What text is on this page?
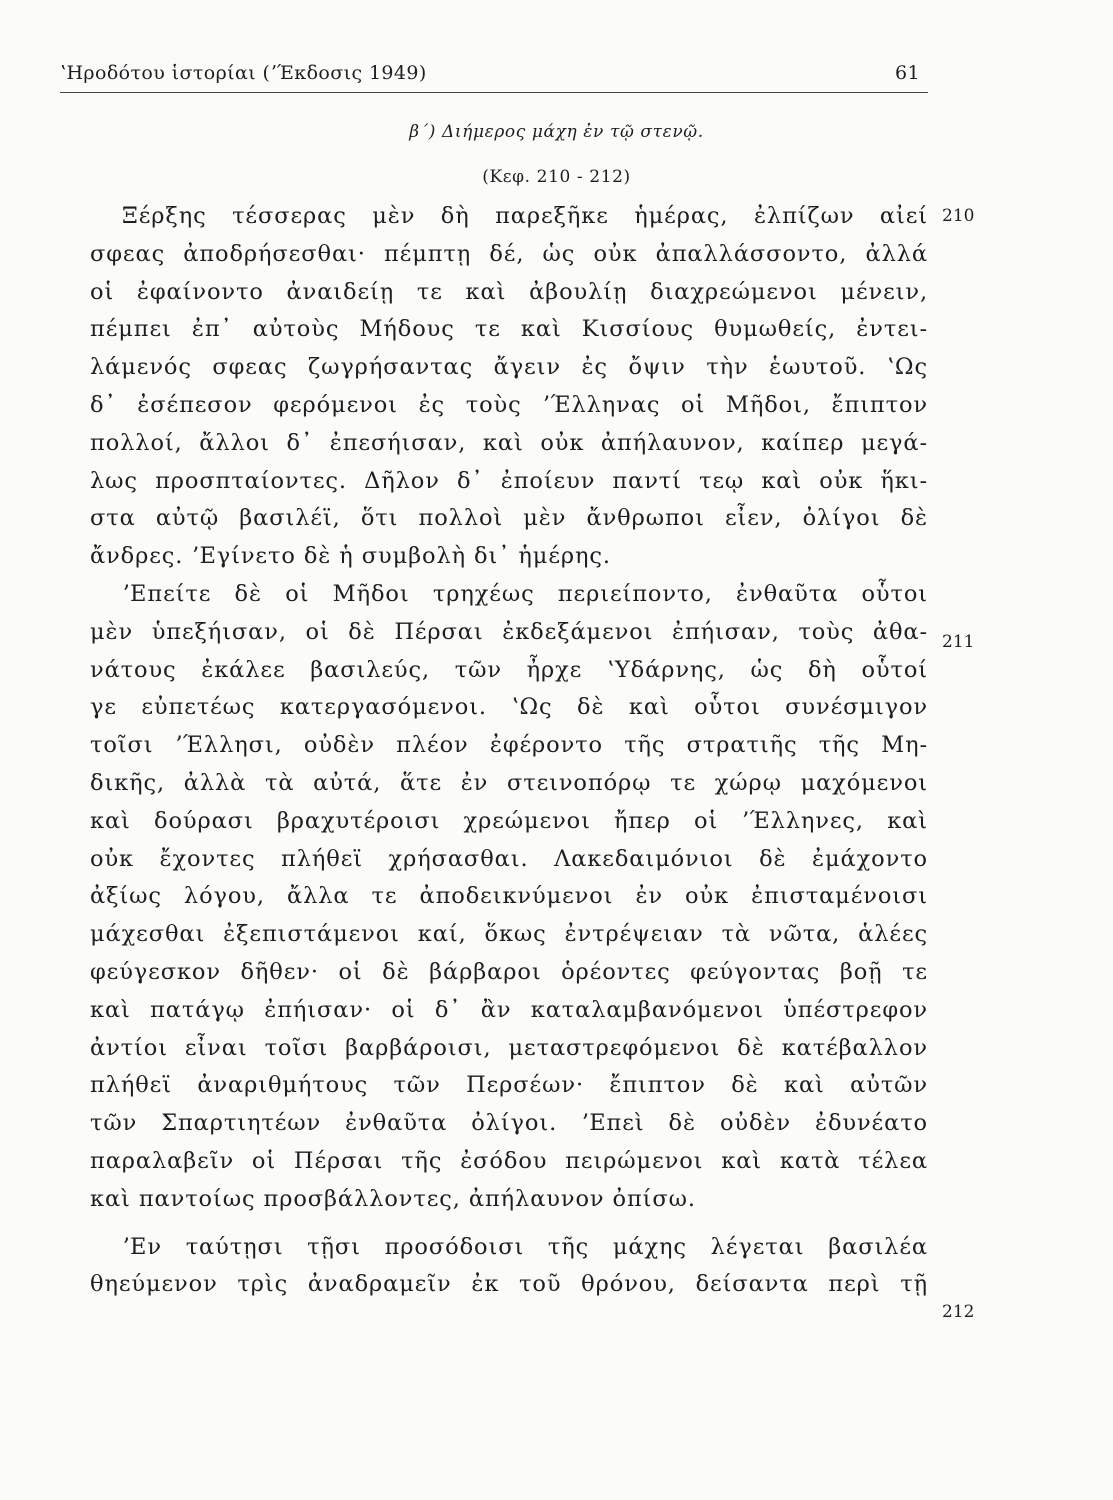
ʽΗροδότου ἱστορίαι (ʼΈκδοσις 1949)	61
β΄) Διήμερος μάχη ἐν τῷ στενῷ.
(Κεφ. 210 - 212)
210
211
212
Ξέρξης τέσσερας μὲν δὴ παρεξῆκε ἡμέρας, ἐλπίζων αἰεί
σφεας ἀποδρήσεσθαι· πέμπτῃ δέ, ὡς οὐκ ἀπαλλάσσοντο, ἀλλά
οἱ ἐφαίνοντο ἀναιδείῃ τε καὶ ἀβουλίῃ διαχρεώμενοι μένειν,
πέμπει ἐπ᾽ αὐτοὺς Μήδους τε καὶ Κισσίους θυμωθείς, ἐντει-
λάμενός σφεας ζωγρήσαντας ἄγειν ἐς ὄψιν τὴν ἑωυτοῦ. ʽΩς
δ᾽ ἐσέπεσον φερόμενοι ἐς τοὺς ʼΈλληνας οἱ Μῆδοι, ἔπιπτον
πολλοί, ἄλλοι δ᾽ ἐπεσήισαν, καὶ οὐκ ἀπήλαυνον, καίπερ μεγά-
λως προσπταίοντες. Δῆλον δ᾽ ἐποίευν παντί τεῳ καὶ οὐκ ἥκι-
στα αὐτῷ βασιλέϊ, ὅτι πολλοὶ μὲν ἄνθρωποι εἶεν, ὀλίγοι δὲ
ἄνδρες. ʼΕγίνετο δὲ ἡ συμβολὴ δι᾽ ἡμέρης.
ʼΕπείτε δὲ οἱ Μῆδοι τρηχέως περιείποντο, ἐνθαῦτα οὗτοι
μὲν ὑπεξήισαν, οἱ δὲ Πέρσαι ἐκδεξάμενοι ἐπήισαν, τοὺς ἀθα-
νάτους ἐκάλεε βασιλεύς, τῶν ἦρχε ʽΥδάρνης, ὡς δὴ οὗτοί
γε εὐπετέως κατεργασόμενοι. ʽΩς δὲ καὶ οὗτοι συνέσμιγον
τοῖσι ʼΈλλησι, οὐδὲν πλέον ἐφέροντο τῆς στρατιῆς τῆς Μη-
δικῆς, ἀλλὰ τὰ αὐτά, ἅτε ἐν στεινοπόρῳ τε χώρῳ μαχόμενοι
καὶ δούρασι βραχυτέροισι χρεώμενοι ἤπερ οἱ ʼΈλληνες, καὶ
οὐκ ἔχοντες πλήθεϊ χρήσασθαι. Λακεδαιμόνιοι δὲ ἐμάχοντο
ἀξίως λόγου, ἄλλα τε ἀποδεικνύμενοι ἐν οὐκ ἐπισταμένοισι
μάχεσθαι ἐξεπιστάμενοι καί, ὅκως ἐντρέψειαν τὰ νῶτα, ἁλέες
φεύγεσκον δῆθεν· οἱ δὲ βάρβαροι ὁρέοντες φεύγοντας βοῇ τε
καὶ πατάγῳ ἐπήισαν· οἱ δ᾽ ἂν καταλαμβανόμενοι ὑπέστρεφον
ἀντίοι εἶναι τοῖσι βαρβάροισι, μεταστρεφόμενοι δὲ κατέβαλλον
πλήθεϊ ἀναριθμήτους τῶν Περσέων· ἔπιπτον δὲ καὶ αὐτῶν
τῶν Σπαρτιητέων ἐνθαῦτα ὀλίγοι. ʼΕπεὶ δὲ οὐδὲν ἐδυνέατο
παραλαβεῖν οἱ Πέρσαι τῆς ἐσόδου πειρώμενοι καὶ κατὰ τέλεα
καὶ παντοίως προσβάλλοντες, ἀπήλαυνον ὀπίσω.
ʼΕν ταύτῃσι τῇσι προσόδοισι τῆς μάχης λέγεται βασιλέα
θηεύμενον τρὶς ἀναδραμεῖν ἐκ τοῦ θρόνου, δείσαντα περὶ τῇ
